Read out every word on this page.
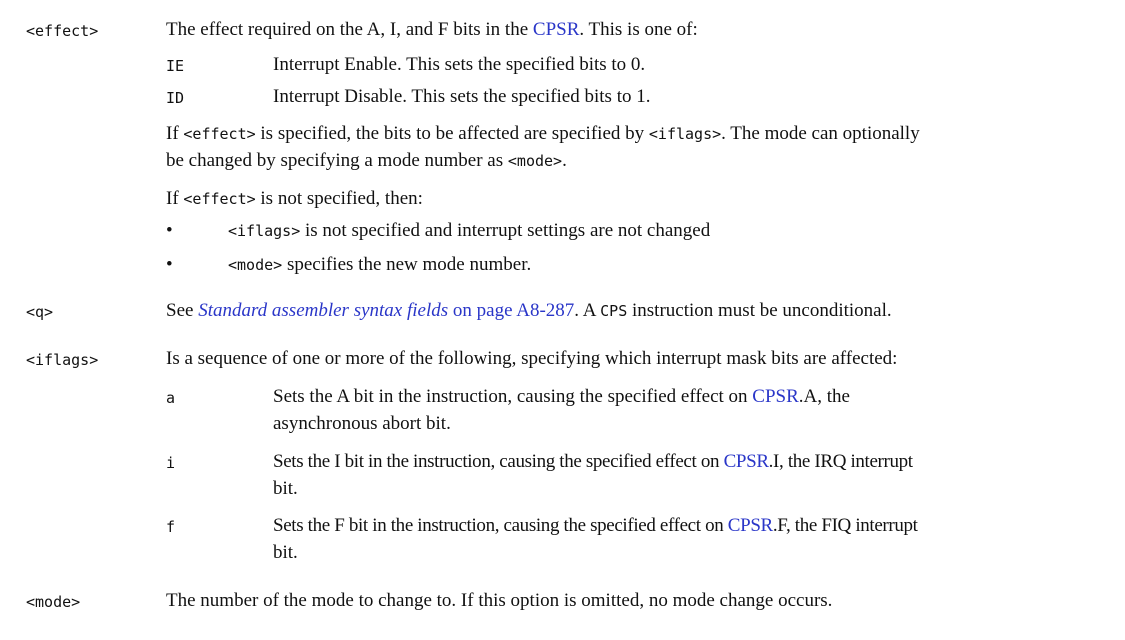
<effect>	The effect required on the A, I, and F bits in the CPSR. This is one of:
IE	Interrupt Enable. This sets the specified bits to 0.
ID	Interrupt Disable. This sets the specified bits to 1.
If <effect> is specified, the bits to be affected are specified by <iflags>. The mode can optionally
be changed by specifying a mode number as <mode>.
If <effect> is not specified, then:
•	<iflags> is not specified and interrupt settings are not changed
•	<mode> specifies the new mode number.
<q>	See Standard assembler syntax fields on page A8-287. A CPS instruction must be unconditional.
<iflags>	Is a sequence of one or more of the following, specifying which interrupt mask bits are affected:
a	Sets the A bit in the instruction, causing the specified effect on CPSR.A, the
asynchronous abort bit.
i	Sets the I bit in the instruction, causing the specified effect on CPSR.I, the IRQ interrupt
bit.
f	Sets the F bit in the instruction, causing the specified effect on CPSR.F, the FIQ interrupt
bit.
<mode>	The number of the mode to change to. If this option is omitted, no mode change occurs.
